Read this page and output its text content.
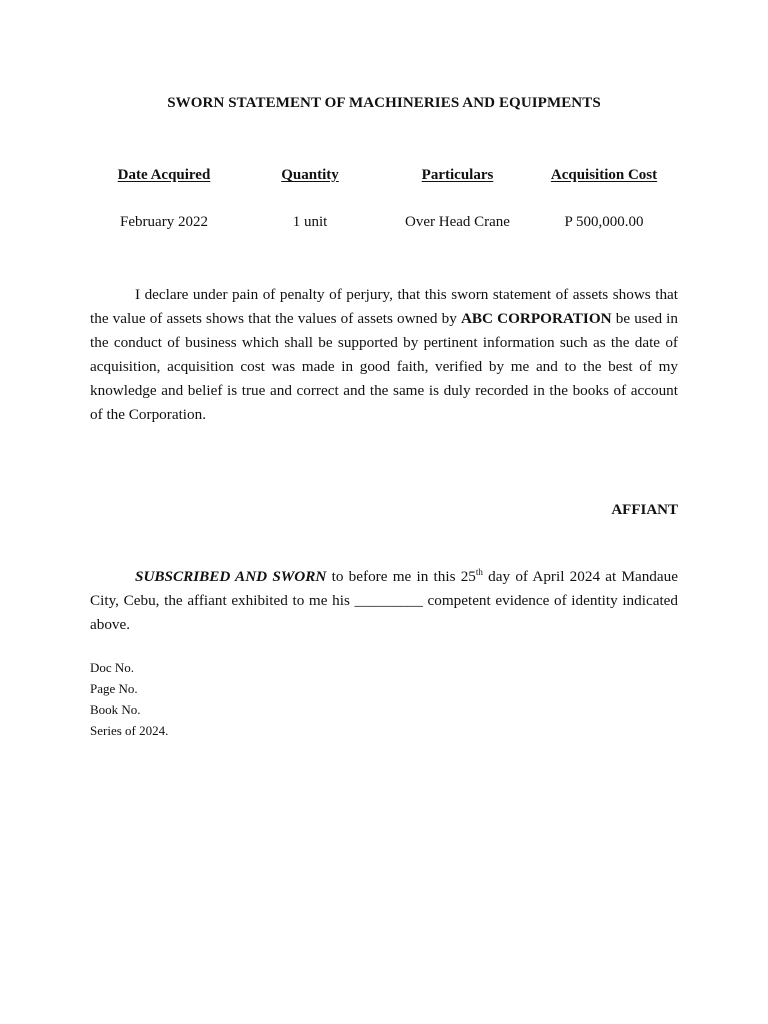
SWORN STATEMENT OF MACHINERIES AND EQUIPMENTS
Date Acquired	Quantity	Particulars	Acquisition Cost
February 2022	1 unit	Over Head Crane	P 500,000.00

I declare under pain of penalty of perjury, that this sworn statement of assets shows that the value of assets shows that the values of assets owned by ABC CORPORATION be used in the conduct of business which shall be supported by pertinent information such as the date of acquisition, acquisition cost was made in good faith, verified by me and to the best of my knowledge and belief is true and correct and the same is duly recorded in the books of account of the Corporation.

AFFIANT

SUBSCRIBED AND SWORN to before me in this 25th day of April 2024 at Mandaue City, Cebu, the affiant exhibited to me his _________ competent evidence of identity indicated above.

Doc No.
Page No.
Book No.
Series of 2024.
